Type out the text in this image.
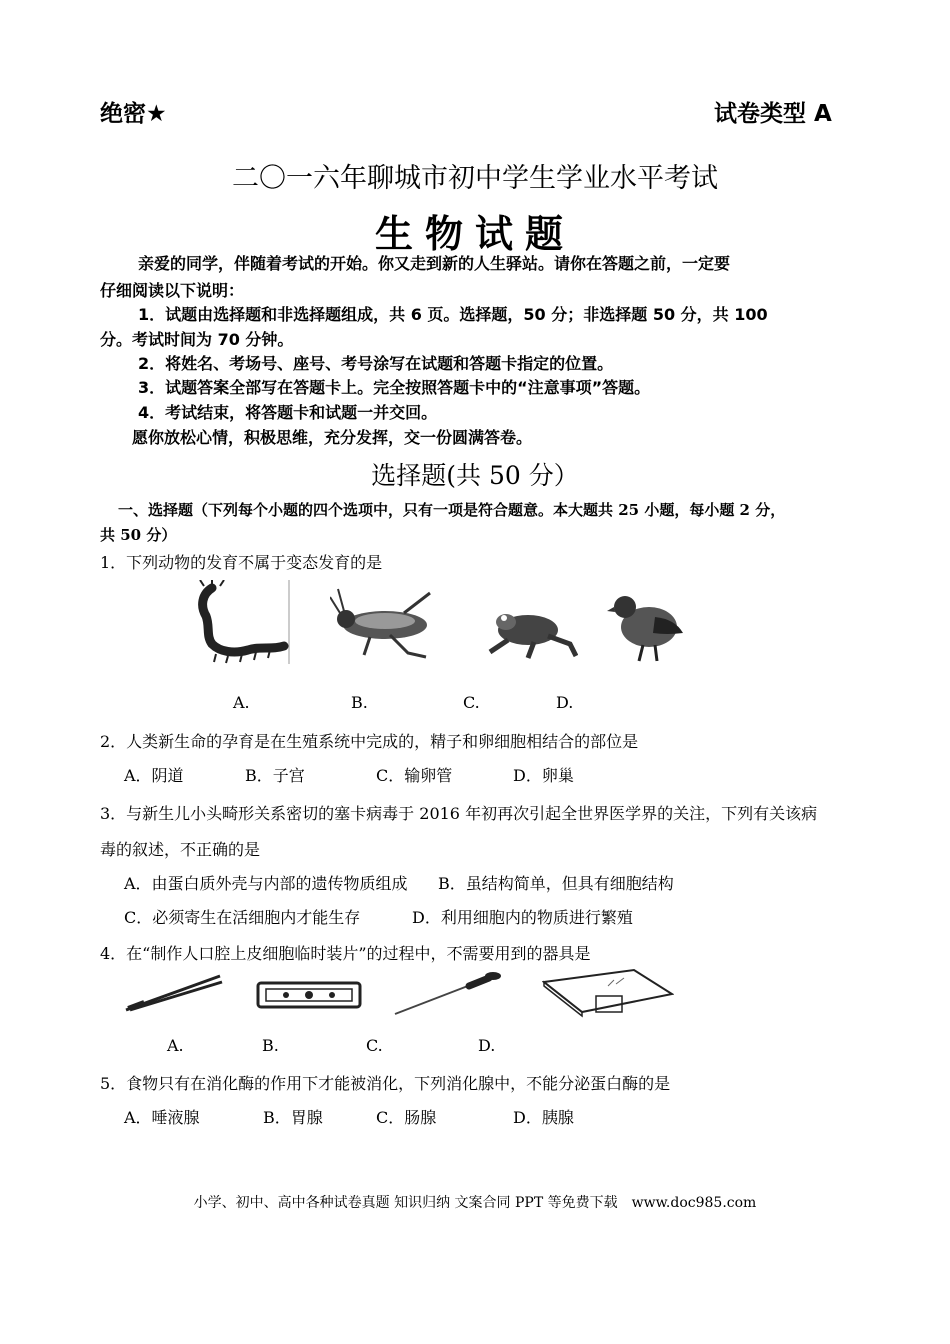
绝密★	试卷类型 A
二〇一六年聊城市初中学生学业水平考试
生物试题
亲爱的同学，伴随着考试的开始。你又走到新的人生驿站。请你在答题之前，一定要
仔细阅读以下说明：
1．试题由选择题和非选择题组成，共 6 页。选择题，50 分；非选择题 50 分，共 100
分。考试时间为 70 分钟。
2．将姓名、考场号、座号、考号涂写在试题和答题卡指定的位置。
3．试题答案全部写在答题卡上。完全按照答题卡中的“注意事项”答题。
4．考试结束，将答题卡和试题一并交回。
愿你放松心情，积极思维，充分发挥，交一份圆满答卷。
选择题(共 50 分）
一、选择题（下列每个小题的四个选项中，只有一项是符合题意。本大题共 25 小题，每小题 2 分，
共 50 分）
1．下列动物的发育不属于变态发育的是
A.	B.	C.	D.
2．人类新生命的孕育是在生殖系统中完成的，精子和卵细胞相结合的部位是
A．阴道	B．子宫	C．输卵管	D．卵巢
3．与新生儿小头畸形关系密切的塞卡病毒于 2016 年初再次引起全世界医学界的关注，下列有关该病
毒的叙述，不正确的是
A．由蛋白质外壳与内部的遗传物质组成 B．虽结构简单，但具有细胞结构
C．必须寄生在活细胞内才能生存	D．利用细胞内的物质进行繁殖
4．在“制作人口腔上皮细胞临时装片”的过程中，不需要用到的器具是
A.	B.	C.	D.
5．食物只有在消化酶的作用下才能被消化，下列消化腺中，不能分泌蛋白酶的是
A．唾液腺	B．胃腺	C．肠腺	D．胰腺
小学、初中、高中各种试卷真题 知识归纳 文案合同 PPT 等免费下载　www.doc985.com
